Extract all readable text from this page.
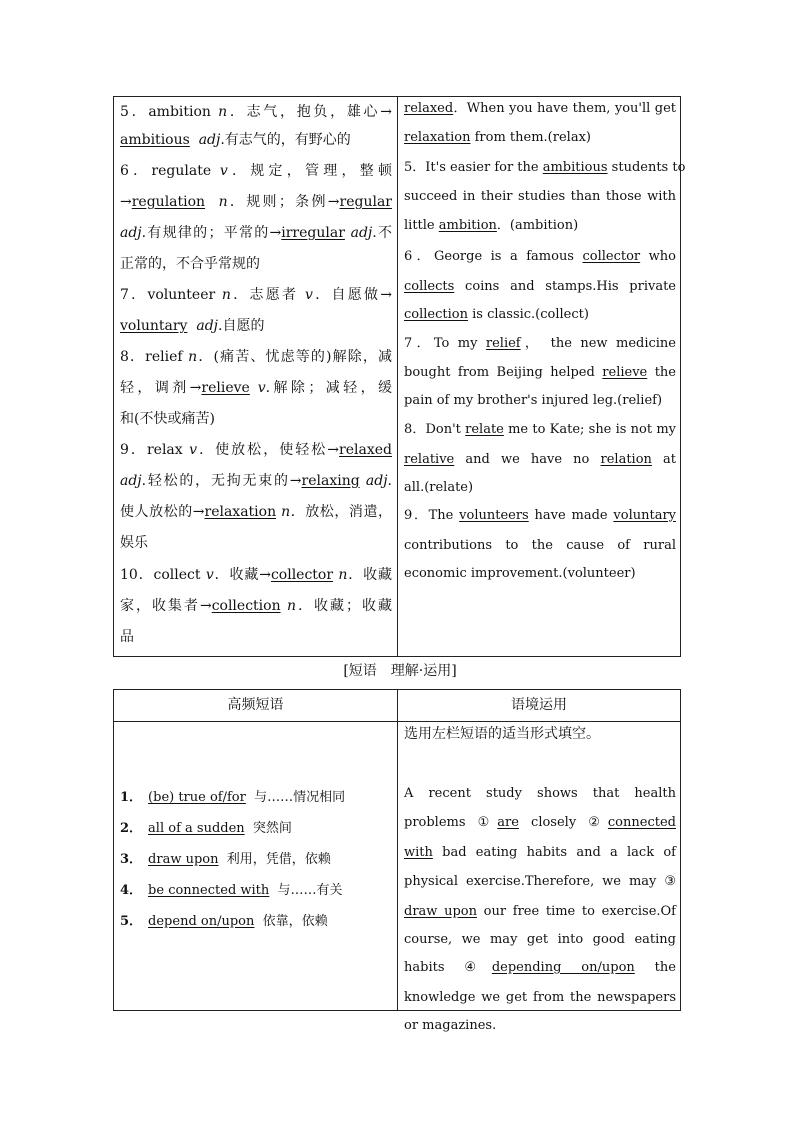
5．ambition n．志气，抱负，雄心→
ambitious adj.有志气的，有野心的
6．regulate v．规定，管理，整顿
→regulation n．规则；条例→regular
adj.有规律的；平常的→irregular adj.不
正常的，不合乎常规的
7．volunteer n．志愿者 v．自愿做→
voluntary adj.自愿的
8．relief n．(痛苦、忧虑等的)解除，减
轻，调剂→relieve v.解除；减轻，缓
和(不快或痛苦)
9．relax v．使放松，使轻松→relaxed
adj.轻松的，无拘无束的→relaxing adj.
使人放松的→relaxation n．放松，消遣，
娱乐
10．collect v．收藏→collector n．收藏
家，收集者→collection n．收藏；收藏
品
relaxed．When you have them, you'll get
relaxation from them.(relax)
5．It's easier for the ambitious students to
succeed in their studies than those with
little ambition．(ambition)
6．George is a famous collector who
collects coins and stamps.His private
collection is classic.(collect)
7．To my relief， the new medicine
bought from Beijing helped relieve the
pain of my brother's injured leg.(relief)
8．Don't relate me to Kate; she is not my
relative and we have no relation at
all.(relate)
9．The volunteers have made voluntary
contributions to the cause of rural
economic improvement.(volunteer)
[短语　理解·运用]
高频短语	语境运用
1． (be) true of/for 与……情况相同
2． all of a sudden 突然间
3． draw upon 利用，凭借，依赖
4． be connected with 与……有关
5． depend on/upon 依靠，依赖
选用左栏短语的适当形式填空。
A recent study shows that health
problems ①are closely ②connected
with bad eating habits and a lack of
physical exercise.Therefore, we may ③
draw upon our free time to exercise.Of
course, we may get into good eating
habits ④depending on/upon the
knowledge we get from the newspapers
or magazines.
